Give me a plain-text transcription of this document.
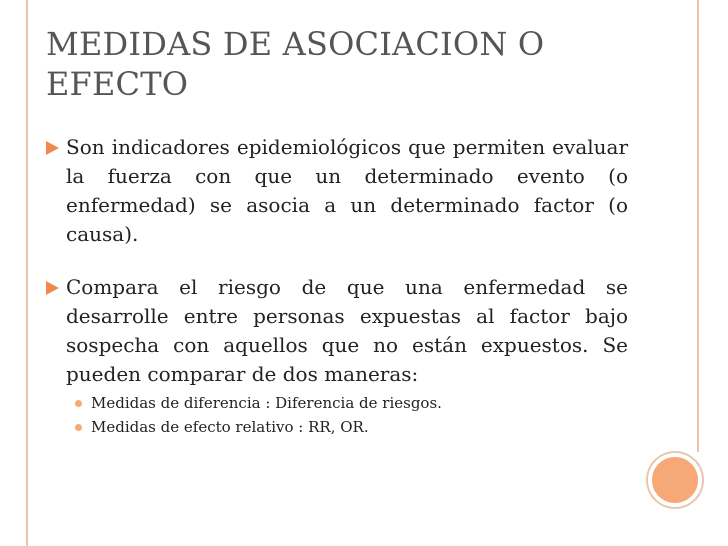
MEDIDAS DE ASOCIACION O EFECTO
Son indicadores epidemiológicos que permiten evaluar la fuerza con que un determinado evento (o enfermedad) se asocia a un determinado factor (o causa).
Compara el riesgo de que una enfermedad se desarrolle entre personas expuestas al factor bajo sospecha con aquellos que no están expuestos. Se pueden comparar de dos maneras:
Medidas de diferencia : Diferencia de riesgos.
Medidas de efecto relativo : RR, OR.
